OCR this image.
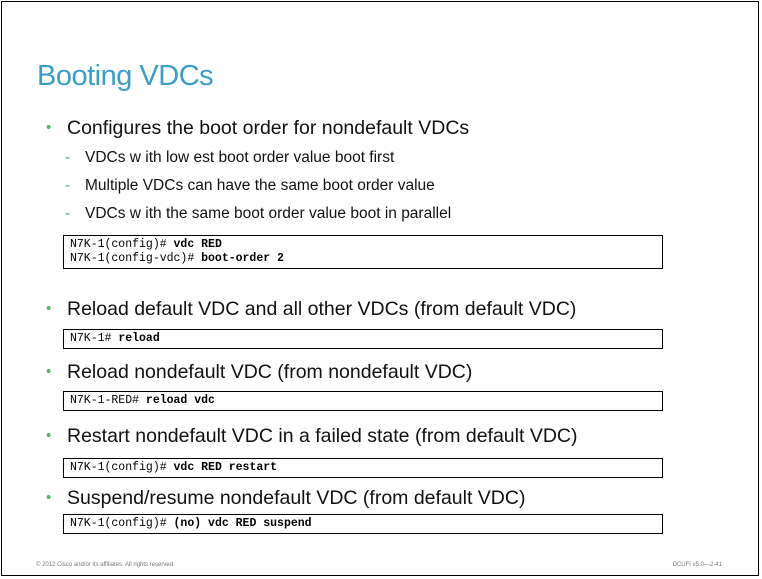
Booting VDCs
• Configures the boot order for nondefault VDCs
- VDCs w ith low est boot order value boot first
- Multiple VDCs can have the same boot order value
- VDCs w ith the same boot order value boot in parallel
N7K-1(config)# vdc RED
N7K-1(config-vdc)# boot-order 2
• Reload default VDC and all other VDCs (from default VDC)
N7K-1# reload
• Reload nondefault VDC (from nondefault VDC)
N7K-1-RED# reload vdc
• Restart nondefault VDC in a failed state (from default VDC)
N7K-1(config)# vdc RED restart
• Suspend/resume nondefault VDC (from default VDC)
N7K-1(config)# (no) vdc RED suspend
© 2012 Cisco and/or its affiliates. All rights reserved.	DCUFI v5.0—2-41
